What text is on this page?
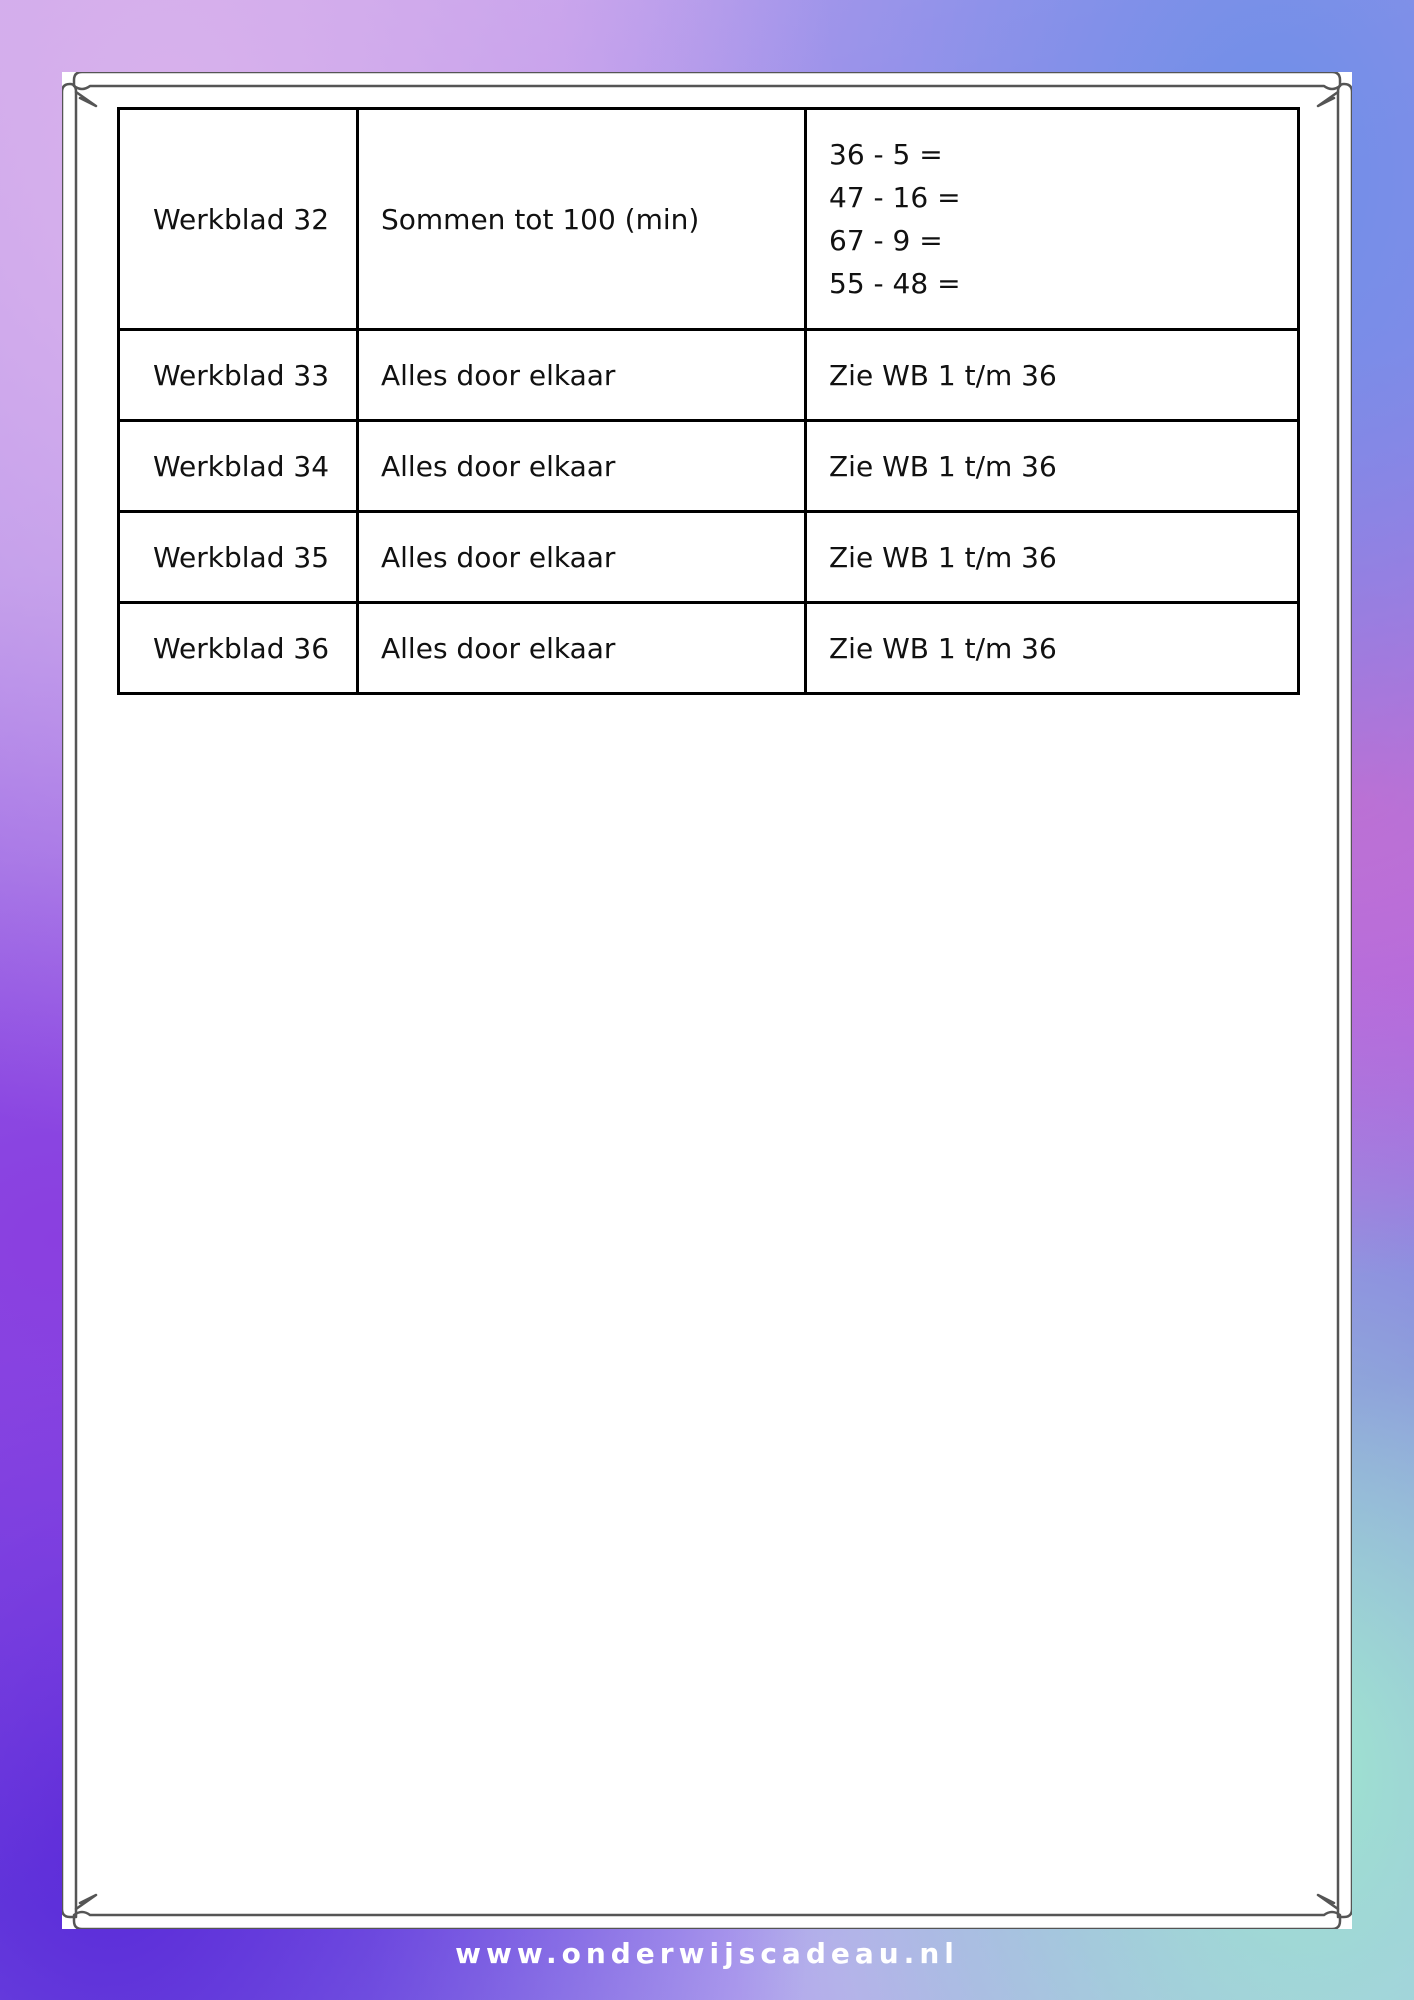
Werkblad 32	Sommen tot 100 (min)	36 - 5 =
47 - 16 =
67 - 9 =
55 - 48 =

Werkblad 33	Alles door elkaar	Zie WB 1 t/m 36
Werkblad 34	Alles door elkaar	Zie WB 1 t/m 36
Werkblad 35	Alles door elkaar	Zie WB 1 t/m 36
Werkblad 36	Alles door elkaar	Zie WB 1 t/m 36
www.onderwijscadeau.nl
